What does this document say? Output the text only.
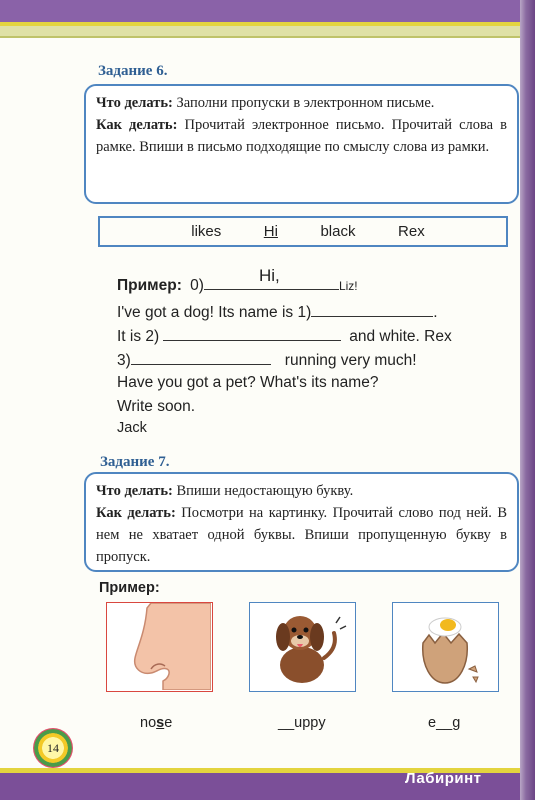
Задание 6.
Что делать: Заполни пропуски в электронном письме.
Как делать: Прочитай электронное письмо. Прочитай слова в рамке. Впиши в письмо подходящие по смыслу слова из рамки.
likes	Hi	black	Rex
Пример: 0)	Liz!
Hi,
I've got a dog! Its name is 1)	.
It is 2)	and white. Rex
3)	running very much!
Have you got a pet? What's its name?
Write soon.
Jack
Задание 7.
Что делать: Впиши недостающую букву.
Как делать: Посмотри на картинку. Прочитай слово под ней. В нем не хватает одной буквы. Впиши пропущенную букву в пропуск.
Пример:
nose	__uppy	e__g
14
Лабиринт
